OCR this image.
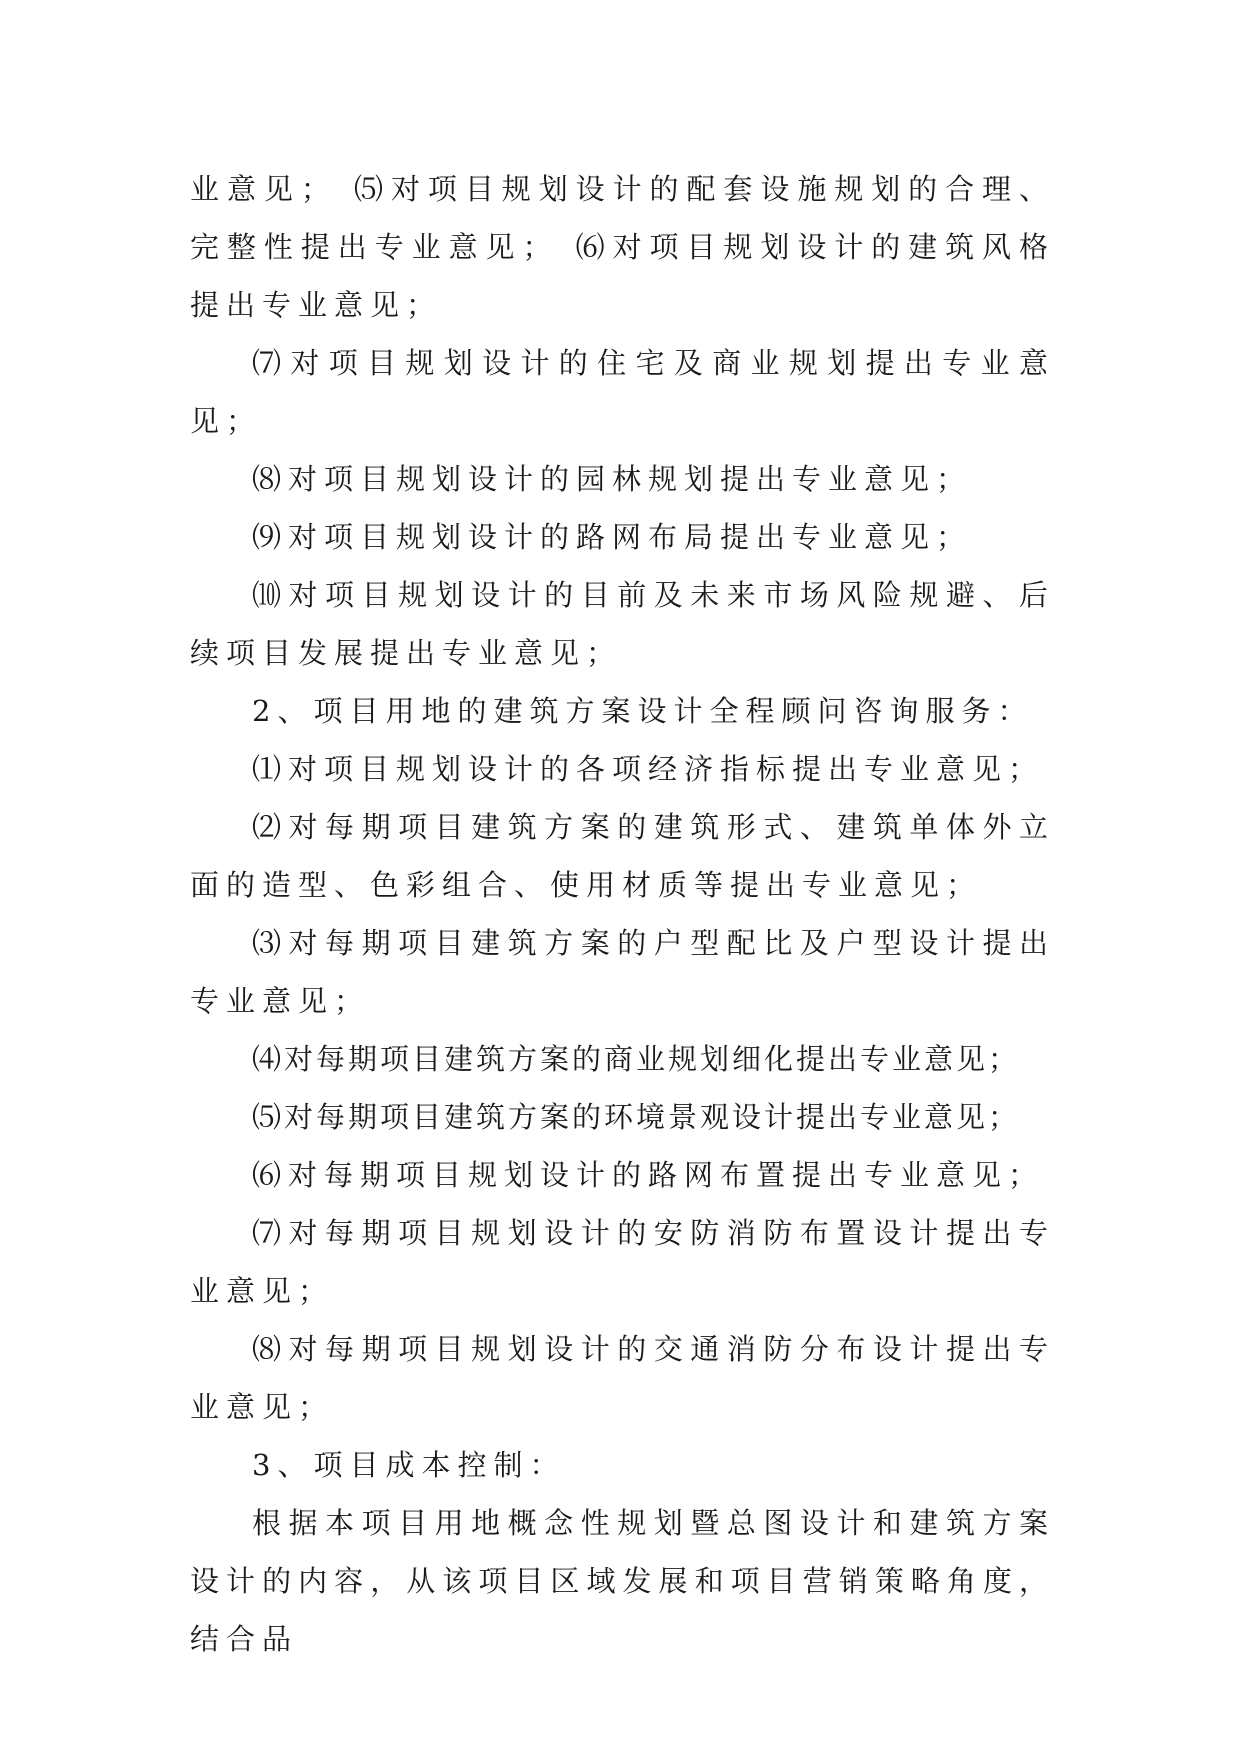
业意见； ⑸对项目规划设计的配套设施规划的合理、完整性提出专业意见； ⑹对项目规划设计的建筑风格提出专业意见；

⑺对项目规划设计的住宅及商业规划提出专业意见；

⑻对项目规划设计的园林规划提出专业意见；

⑼对项目规划设计的路网布局提出专业意见；

⑽对项目规划设计的目前及未来市场风险规避、后续项目发展提出专业意见；

2、项目用地的建筑方案设计全程顾问咨询服务：

⑴对项目规划设计的各项经济指标提出专业意见；

⑵对每期项目建筑方案的建筑形式、建筑单体外立面的造型、色彩组合、使用材质等提出专业意见；

⑶对每期项目建筑方案的户型配比及户型设计提出专业意见；

⑷对每期项目建筑方案的商业规划细化提出专业意见；

⑸对每期项目建筑方案的环境景观设计提出专业意见；

⑹对每期项目规划设计的路网布置提出专业意见；

⑺对每期项目规划设计的安防消防布置设计提出专业意见；

⑻对每期项目规划设计的交通消防分布设计提出专业意见；

3、项目成本控制：

根据本项目用地概念性规划暨总图设计和建筑方案设计的内容，从该项目区域发展和项目营销策略角度，结合品
